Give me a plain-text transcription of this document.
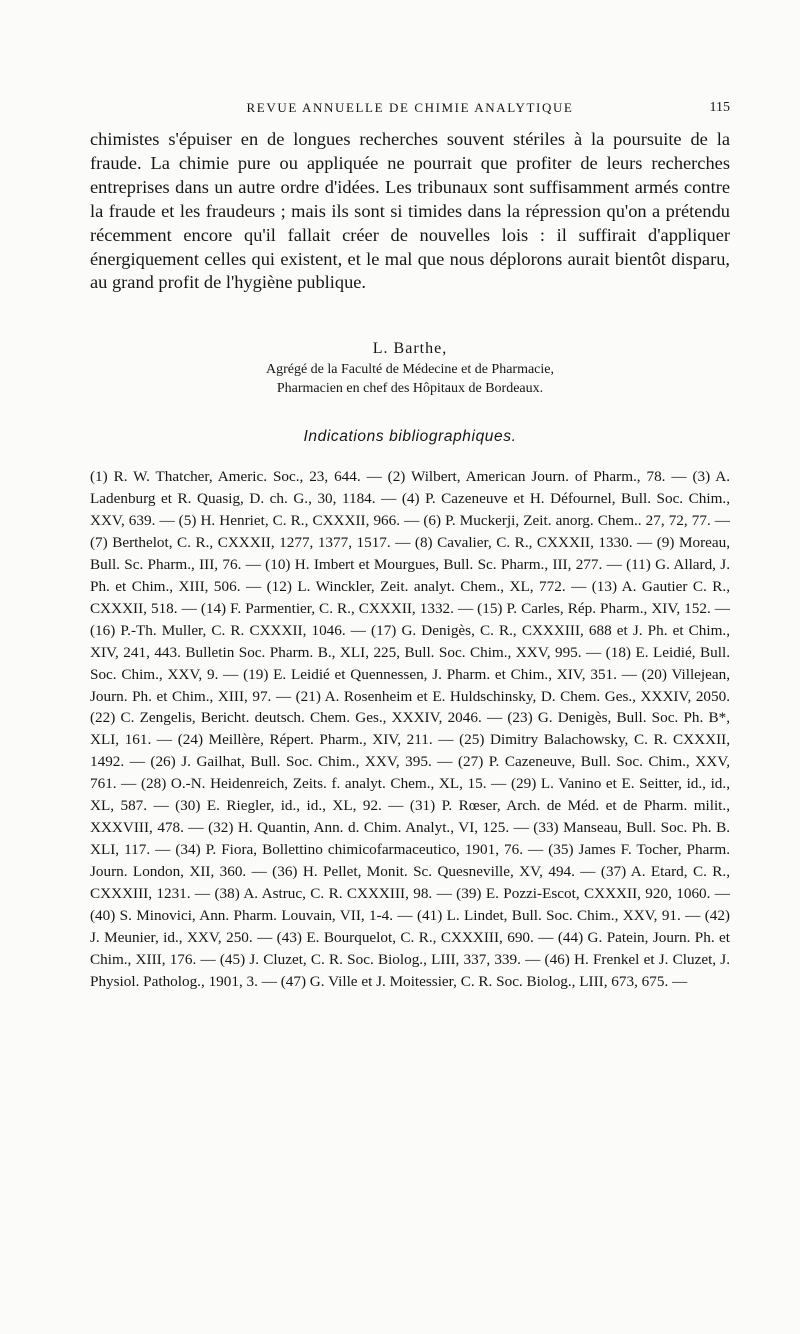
REVUE ANNUELLE DE CHIMIE ANALYTIQUE	115

chimistes s'épuiser en de longues recherches souvent stériles à la poursuite de la fraude. La chimie pure ou appliquée ne pourrait que profiter de leurs recherches entreprises dans un autre ordre d'idées. Les tribunaux sont suffisamment armés contre la fraude et les fraudeurs ; mais ils sont si timides dans la répression qu'on a prétendu récemment encore qu'il fallait créer de nouvelles lois : il suffirait d'appliquer énergiquement celles qui existent, et le mal que nous déplorons aurait bientôt disparu, au grand profit de l'hygiène publique.

L. Barthe,
Agrégé de la Faculté de Médecine et de Pharmacie,
Pharmacien en chef des Hôpitaux de Bordeaux.
Indications bibliographiques.

(1) R. W. Thatcher, Americ. Soc., 23, 644. — (2) Wilbert, American Journ. of Pharm., 78. — (3) A. Ladenburg et R. Quasig, D. ch. G., 30, 1184. — (4) P. Cazeneuve et H. Défournel, Bull. Soc. Chim., XXV, 639. — (5) H. Henriet, C. R., CXXXII, 966. — (6) P. Muckerji, Zeit. anorg. Chem.. 27, 72, 77. — (7) Berthelot, C. R., CXXXII, 1277, 1377, 1517. — (8) Cavalier, C. R., CXXXII, 1330. — (9) Moreau, Bull. Sc. Pharm., III, 76. — (10) H. Imbert et Mourgues, Bull. Sc. Pharm., III, 277. — (11) G. Allard, J. Ph. et Chim., XIII, 506. — (12) L. Winckler, Zeit. analyt. Chem., XL, 772. — (13) A. Gautier C. R., CXXXII, 518. — (14) F. Parmentier, C. R., CXXXII, 1332. — (15) P. Carles, Rép. Pharm., XIV, 152. — (16) P.-Th. Muller, C. R. CXXXII, 1046. — (17) G. Denigès, C. R., CXXXIII, 688 et J. Ph. et Chim., XIV, 241, 443. Bulletin Soc. Pharm. B., XLI, 225, Bull. Soc. Chim., XXV, 995. — (18) E. Leidié, Bull. Soc. Chim., XXV, 9. — (19) E. Leidié et Quennessen, J. Pharm. et Chim., XIV, 351. — (20) Villejean, Journ. Ph. et Chim., XIII, 97. — (21) A. Rosenheim et E. Huldschinsky, D. Chem. Ges., XXXIV, 2050. (22) C. Zengelis, Bericht. deutsch. Chem. Ges., XXXIV, 2046. — (23) G. Denigès, Bull. Soc. Ph. B*, XLI, 161. — (24) Meillère, Répert. Pharm., XIV, 211. — (25) Dimitry Balachowsky, C. R. CXXXII, 1492. — (26) J. Gailhat, Bull. Soc. Chim., XXV, 395. — (27) P. Cazeneuve, Bull. Soc. Chim., XXV, 761. — (28) O.-N. Heidenreich, Zeits. f. analyt. Chem., XL, 15. — (29) L. Vanino et E. Seitter, id., id., XL, 587. — (30) E. Riegler, id., id., XL, 92. — (31) P. Rœser, Arch. de Méd. et de Pharm. milit., XXXVIII, 478. — (32) H. Quantin, Ann. d. Chim. Analyt., VI, 125. — (33) Manseau, Bull. Soc. Ph. B. XLI, 117. — (34) P. Fiora, Bollettino chimicofarmaceutico, 1901, 76. — (35) James F. Tocher, Pharm. Journ. London, XII, 360. — (36) H. Pellet, Monit. Sc. Quesneville, XV, 494. — (37) A. Etard, C. R., CXXXIII, 1231. — (38) A. Astruc, C. R. CXXXIII, 98. — (39) E. Pozzi-Escot, CXXXII, 920, 1060. — (40) S. Minovici, Ann. Pharm. Louvain, VII, 1-4. — (41) L. Lindet, Bull. Soc. Chim., XXV, 91. — (42) J. Meunier, id., XXV, 250. — (43) E. Bourquelot, C. R., CXXXIII, 690. — (44) G. Patein, Journ. Ph. et Chim., XIII, 176. — (45) J. Cluzet, C. R. Soc. Biolog., LIII, 337, 339. — (46) H. Frenkel et J. Cluzet, J. Physiol. Patholog., 1901, 3. — (47) G. Ville et J. Moitessier, C. R. Soc. Biolog., LIII, 673, 675. —
